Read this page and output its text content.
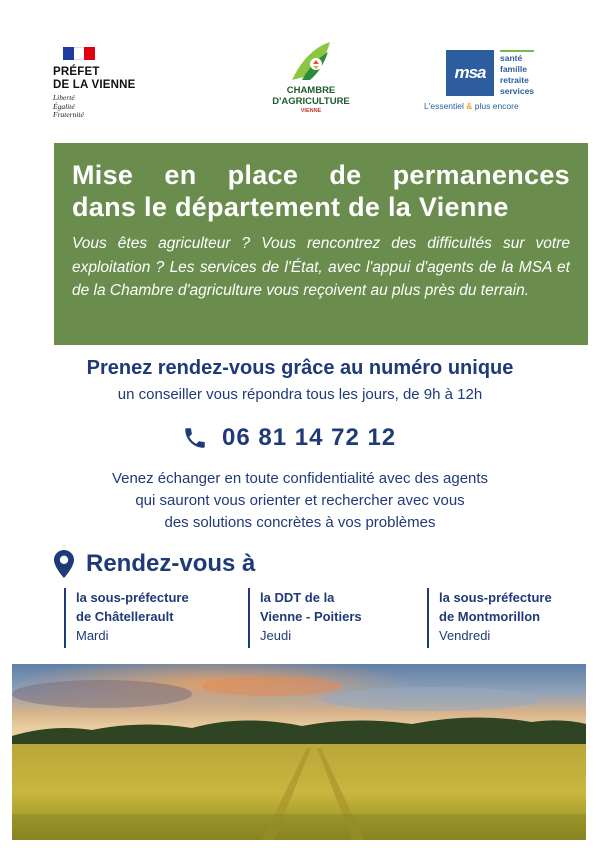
PRÉFET
DE LA VIENNE
Liberté
Égalité
Fraternité
CHAMBRE
D'AGRICULTURE
VIENNE
msa
santé
famille
retraite
services
L'essentiel & plus encore
Mise en place de permanences
dans le département de la Vienne

Vous êtes agriculteur ? Vous rencontrez des difficultés sur votre exploitation ? Les services de l'État, avec l'appui d'agents de la MSA et de la Chambre d'agriculture vous reçoivent au plus près du terrain.

Prenez rendez-vous grâce au numéro unique
un conseiller vous répondra tous les jours, de 9h à 12h
06 81 14 72 12
Venez échanger en toute confidentialité avec des agents
qui sauront vous orienter et rechercher avec vous
des solutions concrètes à vos problèmes
Rendez-vous à
la sous-préfecture
de Châtellerault
Mardi
la DDT de la
Vienne - Poitiers
Jeudi
la sous-préfecture
de Montmorillon
Vendredi
